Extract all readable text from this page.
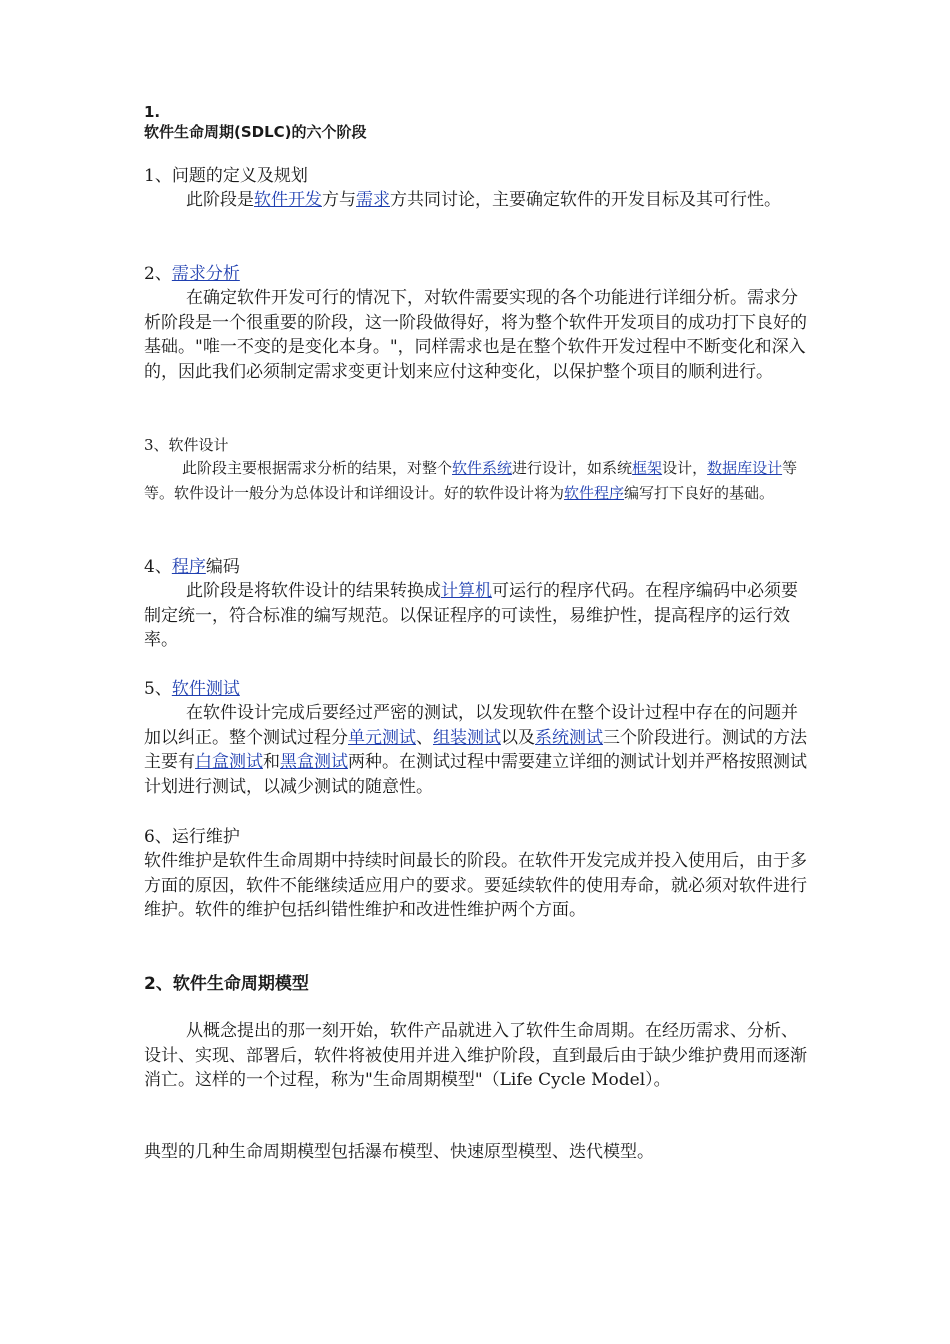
1.
软件生命周期(SDLC)的六个阶段

1、问题的定义及规划

此阶段是软件开发方与需求方共同讨论，主要确定软件的开发目标及其可行性。

2、需求分析

在确定软件开发可行的情况下，对软件需要实现的各个功能进行详细分析。需求分析阶段是一个很重要的阶段，这一阶段做得好，将为整个软件开发项目的成功打下良好的基础。"唯一不变的是变化本身。"，同样需求也是在整个软件开发过程中不断变化和深入的，因此我们必须制定需求变更计划来应付这种变化，以保护整个项目的顺利进行。

3、软件设计

此阶段主要根据需求分析的结果，对整个软件系统进行设计，如系统框架设计，数据库设计等等。软件设计一般分为总体设计和详细设计。好的软件设计将为软件程序编写打下良好的基础。

4、程序编码

此阶段是将软件设计的结果转换成计算机可运行的程序代码。在程序编码中必须要制定统一，符合标准的编写规范。以保证程序的可读性，易维护性，提高程序的运行效率。

5、软件测试

在软件设计完成后要经过严密的测试，以发现软件在整个设计过程中存在的问题并加以纠正。整个测试过程分单元测试、组装测试以及系统测试三个阶段进行。测试的方法主要有白盒测试和黑盒测试两种。在测试过程中需要建立详细的测试计划并严格按照测试计划进行测试，以减少测试的随意性。

6、运行维护

软件维护是软件生命周期中持续时间最长的阶段。在软件开发完成并投入使用后，由于多方面的原因，软件不能继续适应用户的要求。要延续软件的使用寿命，就必须对软件进行维护。软件的维护包括纠错性维护和改进性维护两个方面。

2、软件生命周期模型

从概念提出的那一刻开始，软件产品就进入了软件生命周期。在经历需求、分析、设计、实现、部署后，软件将被使用并进入维护阶段，直到最后由于缺少维护费用而逐渐消亡。这样的一个过程，称为"生命周期模型"（Life Cycle Model）。

典型的几种生命周期模型包括瀑布模型、快速原型模型、迭代模型。
